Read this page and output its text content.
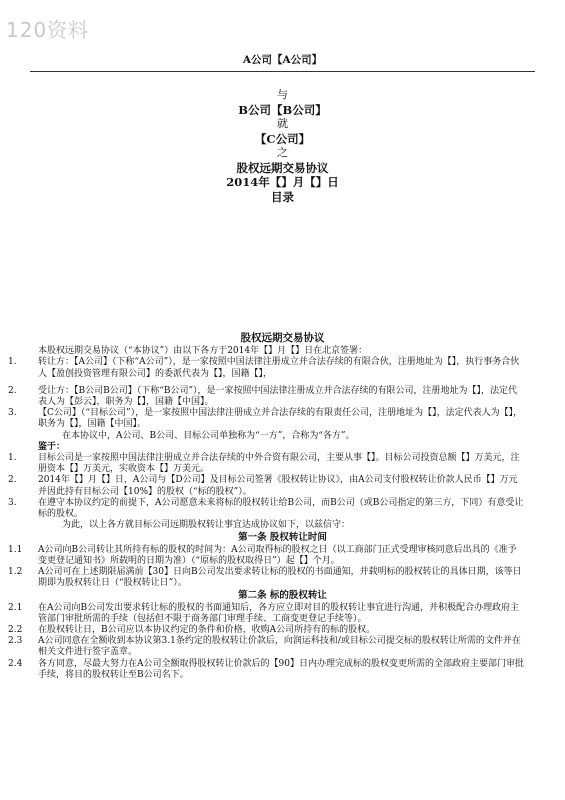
120资料
A公司【A公司】
与
B公司【B公司】
就
【C公司】
之
股权远期交易协议
2014年【】月【】日
目录
股权远期交易协议
本股权远期交易协议（“本协议”）由以下各方于2014年【】月【】日在北京签署：
1.	转让方：【A公司】（下称“A公司”），是一家按照中国法律注册成立并合法存续的有限合伙，注册地址为【】，执行事务合伙人【盈创投资管理有限公司】的委派代表为【】，国籍【】，
2.	受让方：【B公司B公司】（下称“B公司”），是一家按照中国法律注册成立并合法存续的有限公司，注册地址为【】，法定代表人为【彭云】，职务为【】，国籍【中国】。
3.	【C公司】（“目标公司”），是一家按照中国法律注册成立并合法存续的有限责任公司，注册地址为【】，法定代表人为【】，职务为【】，国籍【中国】。
在本协议中，A公司、B公司、目标公司单独称为“一方”，合称为“各方”。
鉴于：
1.	目标公司是一家按照中国法律注册成立并合法存续的中外合资有限公司，主要从事【】。目标公司投资总额【】万美元，注册资本【】万美元，实收资本【】万美元。
2.	2014年【】月【】日，A公司与【D公司】及目标公司签署《股权转让协议》，由A公司支付股权转让价款人民币【】万元并因此持有目标公司【10%】的股权（“标的股权”）。
3.	在遵守本协议约定的前提下，A公司愿意未来将标的股权转让给B公司，而B公司（或B公司指定的第三方，下同）有意受让标的股权。
为此，以上各方就目标公司远期股权转让事宜达成协议如下，以兹信守：
第一条 股权转让时间
1.1	A公司向B公司转让其所持有标的股权的时间为：A公司取得标的股权之日（以工商部门正式受理审核同意后出具的《准予变更登记通知书》所载明的日期为准）（“原标的股权取得日”）起【】个月。
1.2	A公司可在上述期限届满前【30】日向B公司发出要求转让标的股权的书面通知，并载明标的股权转让的具体日期，该等日期即为股权转让日（“股权转让日”）。
第二条 标的股权转让
2.1	在A公司向B公司发出要求转让标的股权的书面通知后，各方应立即对目的股权转让事宜进行沟通，并积极配合办理政府主管部门审批所需的手续（包括但不限于商务部门审理手续、工商变更登记手续等）。
2.2	在股权转让日，B公司应以本协议约定的条件和价格，收购A公司所持有的标的股权。
2.3	A公司同意在全额收到本协议第3.1条约定的股权转让价款后，向润运科技和/或目标公司提交标的股权转让所需的文件并在相关文件进行签字盖章。
2.4	各方同意，尽最大努力在A公司全额取得股权转让价款后的【90】日内办理完成标的股权变更所需的全部政府主要部门审批手续，将目的股权转让至B公司名下。
